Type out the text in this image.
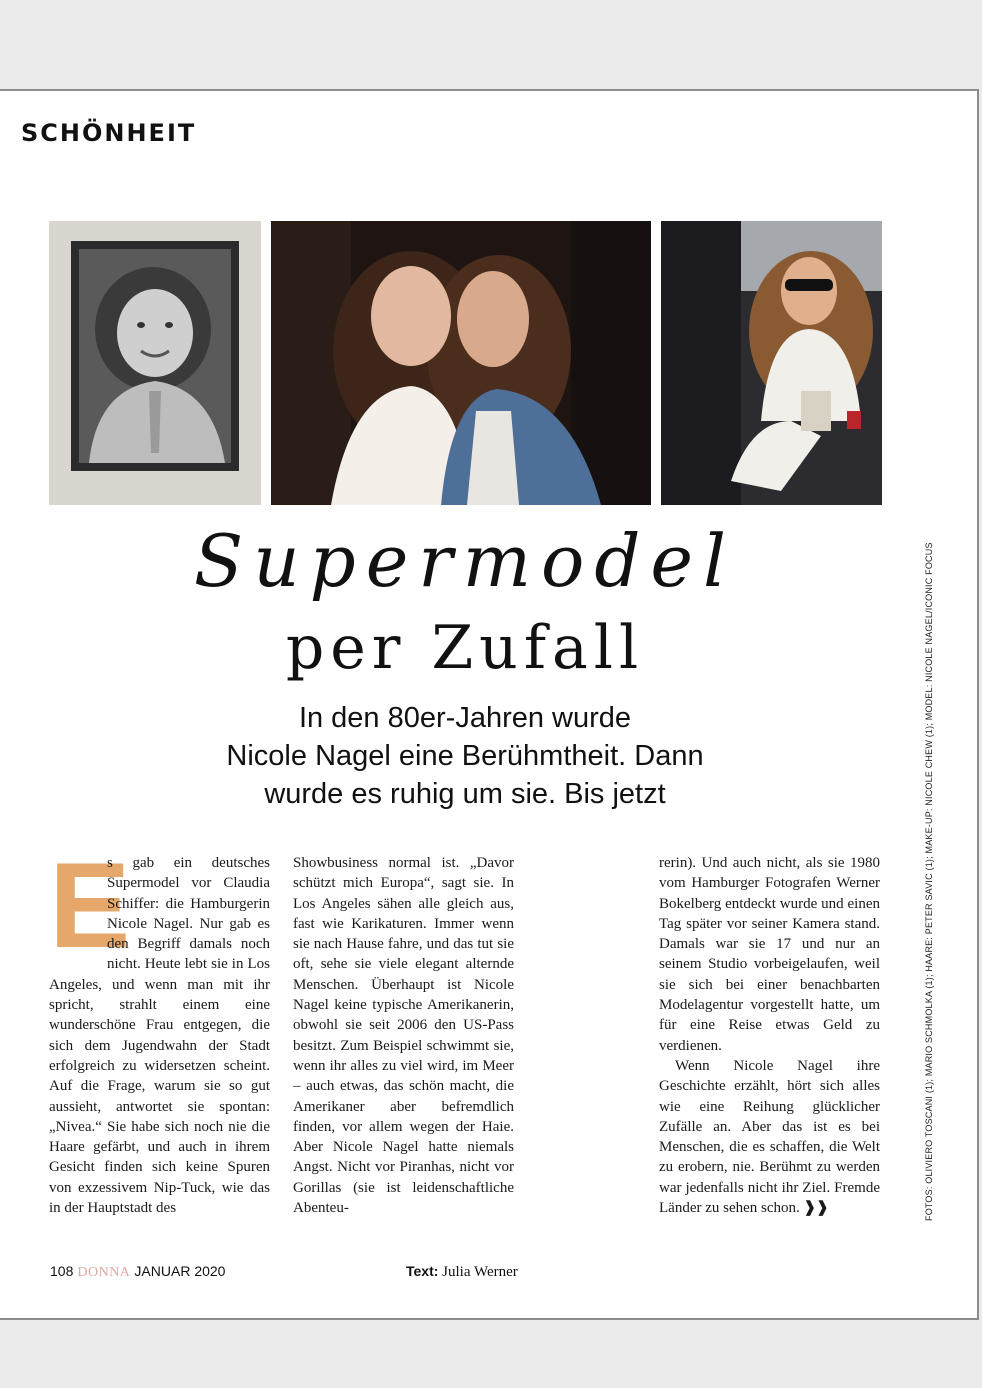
SCHÖNHEIT
Supermodel
per Zufall
In den 80er-Jahren wurde
Nicole Nagel eine Berühmtheit. Dann
wurde es ruhig um sie. Bis jetzt	FOTOS: OLIVIERO TOSCANI (1); MARIO SCHMOLKA (1); HAARE: PETER SAVIC (1); MAKE-UP: NICOLE CHEW (1); MODEL: NICOLE NAGEL/ICONIC FOCUS
E
s gab ein deutsches Supermodel vor Claudia Schiffer: die Hamburgerin Nicole Nagel. Nur gab es den Begriff damals noch nicht. Heute lebt sie in Los Angeles, und wenn man mit ihr spricht, strahlt einem eine wunderschöne Frau entgegen, die sich dem Jugendwahn der Stadt erfolgreich zu widersetzen scheint. Auf die Frage, warum sie so gut aussieht, antwortet sie spontan: „Nivea.“ Sie habe sich noch nie die Haare gefärbt, und auch in ihrem Gesicht finden sich keine Spuren von exzessivem Nip-Tuck, wie das in der Hauptstadt des
Showbusiness normal ist. „Davor schützt mich Europa“, sagt sie. In Los Angeles sähen alle gleich aus, fast wie Karikaturen. Immer wenn sie nach Hause fahre, und das tut sie oft, sehe sie viele elegant alternde Menschen. Überhaupt ist Nicole Nagel keine typische Amerikanerin, obwohl sie seit 2006 den US-Pass besitzt. Zum Beispiel schwimmt sie, wenn ihr alles zu viel wird, im Meer – auch etwas, das schön macht, die Amerikaner aber befremdlich finden, vor allem wegen der Haie. Aber Nicole Nagel hatte niemals Angst. Nicht vor Piranhas, nicht vor Gorillas (sie ist leidenschaftliche Abenteu-
rerin). Und auch nicht, als sie 1980 vom Hamburger Fotografen Werner Bokelberg entdeckt wurde und einen Tag später vor seiner Kamera stand. Damals war sie 17 und nur an seinem Studio vorbeigelaufen, weil sie sich bei einer benachbarten Modelagentur vorgestellt hatte, um für eine Reise etwas Geld zu verdienen.
Wenn Nicole Nagel ihre Geschichte erzählt, hört sich alles wie eine Reihung glücklicher Zufälle an. Aber das ist es bei Menschen, die es schaffen, die Welt zu erobern, nie. Berühmt zu werden war jedenfalls nicht ihr Ziel. Fremde Länder zu sehen schon. ❱❱
108 DONNA JANUAR 2020	Text: Julia Werner
